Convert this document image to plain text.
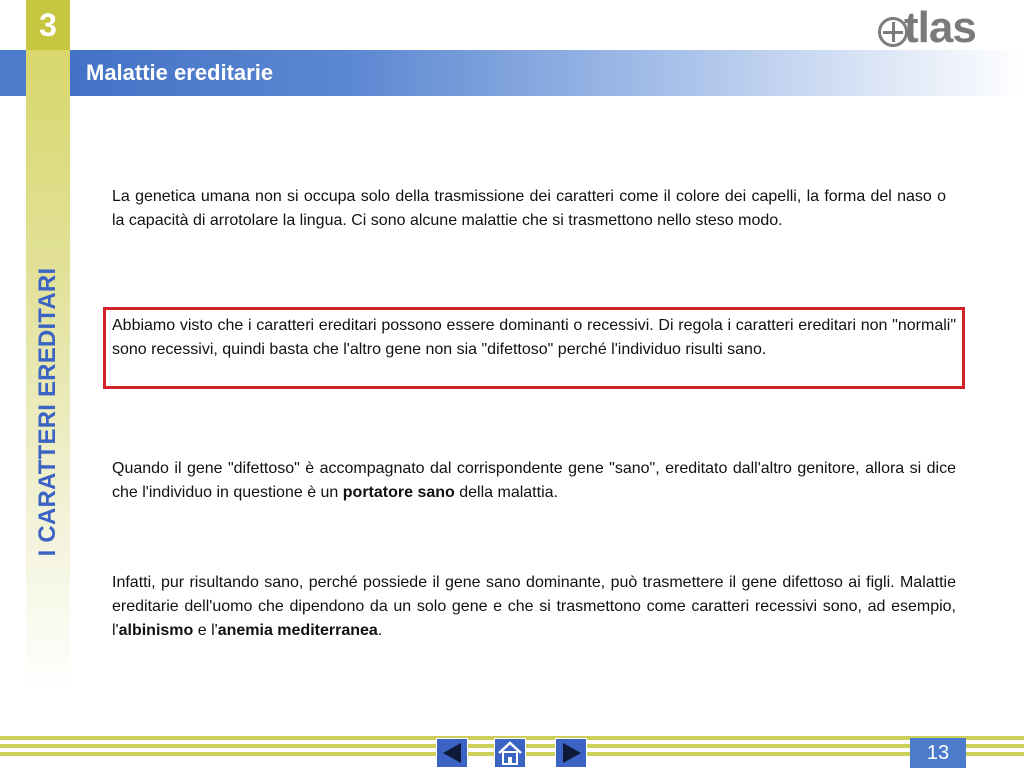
3
I CARATTERI EREDITARI
Malattie ereditarie
tlas

La genetica umana non si occupa solo della trasmissione dei caratteri come il colore dei capelli, la forma del naso o la capacità di arrotolare la lingua. Ci sono alcune malattie che si trasmettono nello steso modo.

Abbiamo visto che i caratteri ereditari possono essere dominanti o recessivi. Di regola i caratteri ereditari non "normali" sono recessivi, quindi basta che l'altro gene non sia "difettoso" perché l'individuo risulti sano.

Quando il gene "difettoso" è accompagnato dal corrispondente gene "sano", ereditato dall'altro genitore, allora si dice che l'individuo in questione è un portatore sano della malattia.

Infatti, pur risultando sano, perché possiede il gene sano dominante, può trasmettere il gene difettoso ai figli. Malattie ereditarie dell'uomo che dipendono da un solo gene e che si trasmettono come caratteri recessivi sono, ad esempio, l'albinismo e l'anemia mediterranea.

13
